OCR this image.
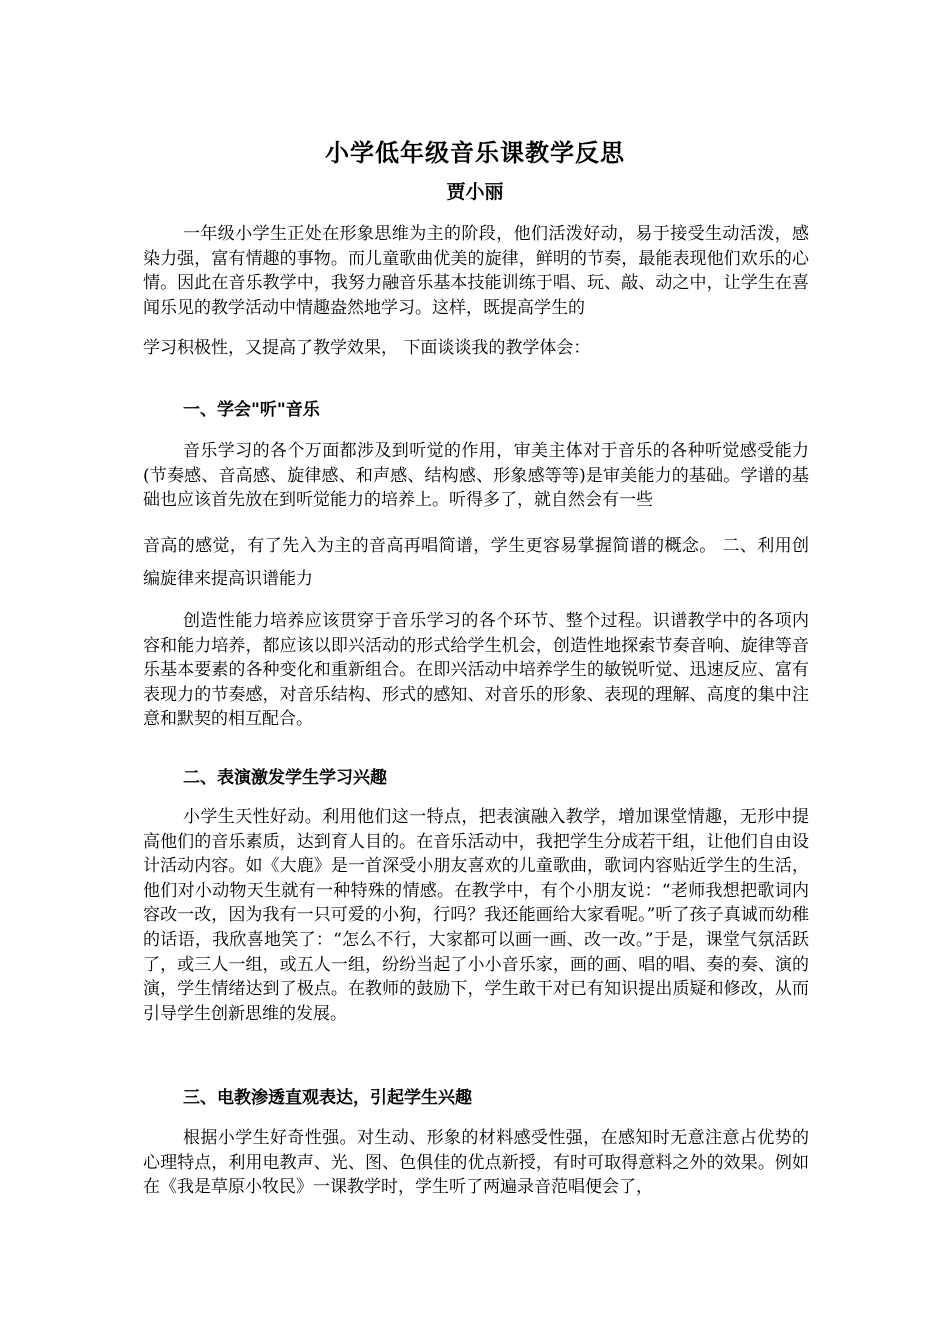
小学低年级音乐课教学反思
贾小丽
一年级小学生正处在形象思维为主的阶段，他们活泼好动，易于接受生动活泼，感染力强，富有情趣的事物。而儿童歌曲优美的旋律，鲜明的节奏，最能表现他们欢乐的心情。因此在音乐教学中，我努力融音乐基本技能训练于唱、玩、敲、动之中，让学生在喜闻乐见的教学活动中情趣盎然地学习。这样，既提高学生的
学习积极性，又提高了教学效果， 下面谈谈我的教学体会：
一、学会"听"音乐
音乐学习的各个万面都涉及到听觉的作用，审美主体对于音乐的各种听觉感受能力(节奏感、音高感、旋律感、和声感、结构感、形象感等等)是审美能力的基础。学谱的基础也应该首先放在到听觉能力的培养上。听得多了，就自然会有一些
音高的感觉，有了先入为主的音高再唱简谱，学生更容易掌握简谱的概念。 二、利用创编旋律来提高识谱能力
创造性能力培养应该贯穿于音乐学习的各个环节、整个过程。识谱教学中的各项内容和能力培养，都应该以即兴活动的形式给学生机会，创造性地探索节奏音响、旋律等音乐基本要素的各种变化和重新组合。在即兴活动中培养学生的敏锐听觉、迅速反应、富有表现力的节奏感，对音乐结构、形式的感知、对音乐的形象、表现的理解、高度的集中注意和默契的相互配合。
二、表演激发学生学习兴趣
小学生天性好动。利用他们这一特点，把表演融入教学，增加课堂情趣，无形中提高他们的音乐素质，达到育人目的。在音乐活动中，我把学生分成若干组，让他们自由设计活动内容。如《大鹿》是一首深受小朋友喜欢的儿童歌曲，歌词内容贴近学生的生活，他们对小动物天生就有一种特殊的情感。在教学中，有个小朋友说：“老师我想把歌词内容改一改，因为我有一只可爱的小狗，行吗？我还能画给大家看呢。”听了孩子真诚而幼稚的话语，我欣喜地笑了：“怎么不行，大家都可以画一画、改一改。”于是，课堂气氛活跃了，或三人一组，或五人一组，纷纷当起了小小音乐家，画的画、唱的唱、奏的奏、演的演，学生情绪达到了极点。在教师的鼓励下，学生敢干对已有知识提出质疑和修改，从而引导学生创新思维的发展。
三、电教渗透直观表达，引起学生兴趣
根据小学生好奇性强。对生动、形象的材料感受性强，在感知时无意注意占优势的心理特点，利用电教声、光、图、色俱佳的优点新授，有时可取得意料之外的效果。例如在《我是草原小牧民》一课教学时，学生听了两遍录音范唱便会了，
